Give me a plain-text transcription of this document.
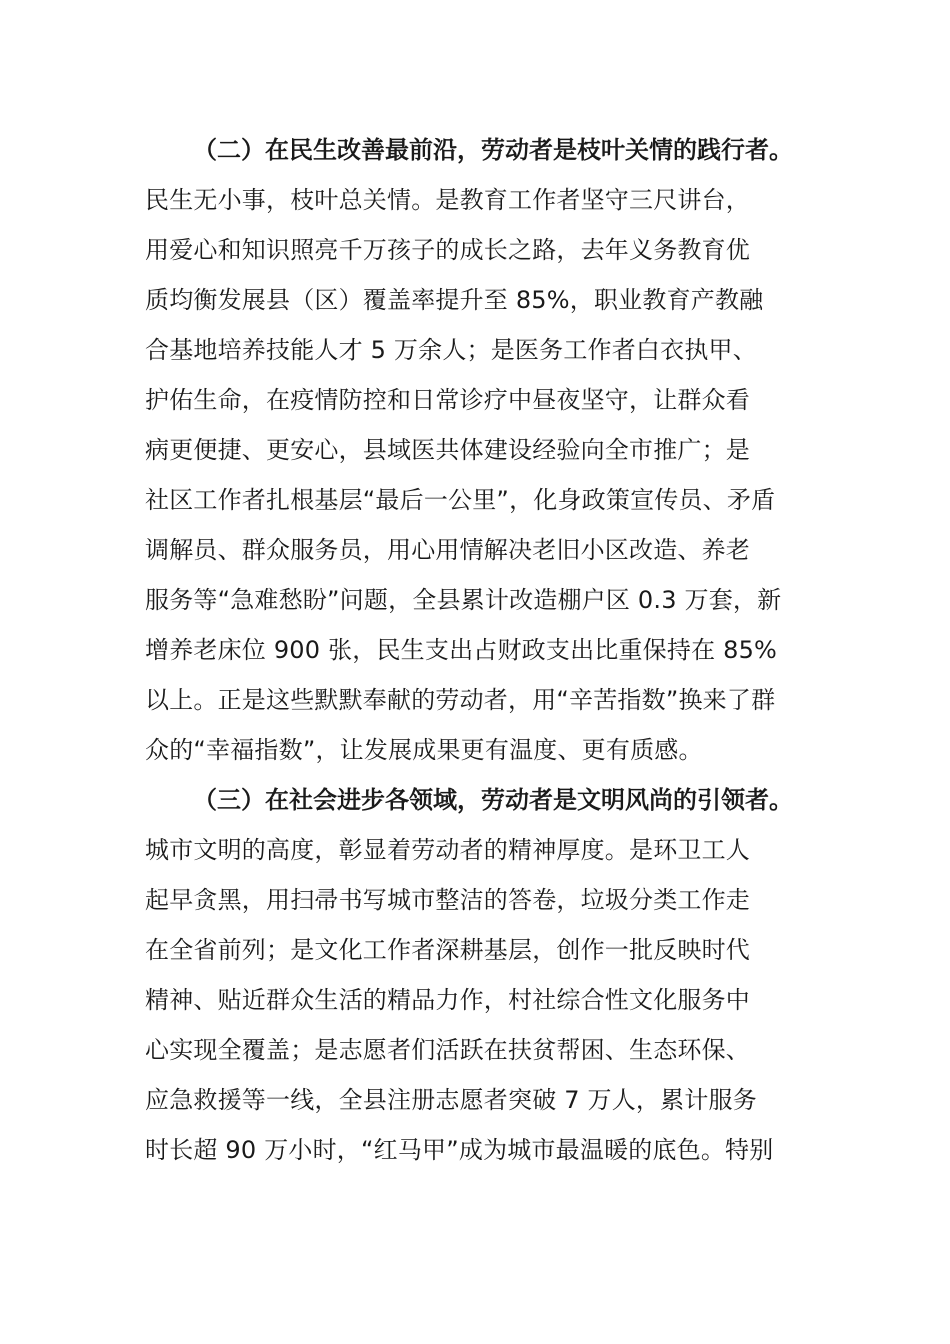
（二）在民生改善最前沿，劳动者是枝叶关情的践行者。
民生无小事，枝叶总关情。是教育工作者坚守三尺讲台，
用爱心和知识照亮千万孩子的成长之路，去年义务教育优
质均衡发展县（区）覆盖率提升至 85%，职业教育产教融
合基地培养技能人才 5 万余人；是医务工作者白衣执甲、
护佑生命，在疫情防控和日常诊疗中昼夜坚守，让群众看
病更便捷、更安心，县域医共体建设经验向全市推广；是
社区工作者扎根基层“最后一公里”，化身政策宣传员、矛盾
调解员、群众服务员，用心用情解决老旧小区改造、养老
服务等“急难愁盼”问题，全县累计改造棚户区 0.3 万套，新
增养老床位 900 张，民生支出占财政支出比重保持在 85%
以上。正是这些默默奉献的劳动者，用“辛苦指数”换来了群
众的“幸福指数”，让发展成果更有温度、更有质感。
（三）在社会进步各领域，劳动者是文明风尚的引领者。
城市文明的高度，彰显着劳动者的精神厚度。是环卫工人
起早贪黑，用扫帚书写城市整洁的答卷，垃圾分类工作走
在全省前列；是文化工作者深耕基层，创作一批反映时代
精神、贴近群众生活的精品力作，村社综合性文化服务中
心实现全覆盖；是志愿者们活跃在扶贫帮困、生态环保、
应急救援等一线，全县注册志愿者突破 7 万人，累计服务
时长超 90 万小时，“红马甲”成为城市最温暖的底色。特别
